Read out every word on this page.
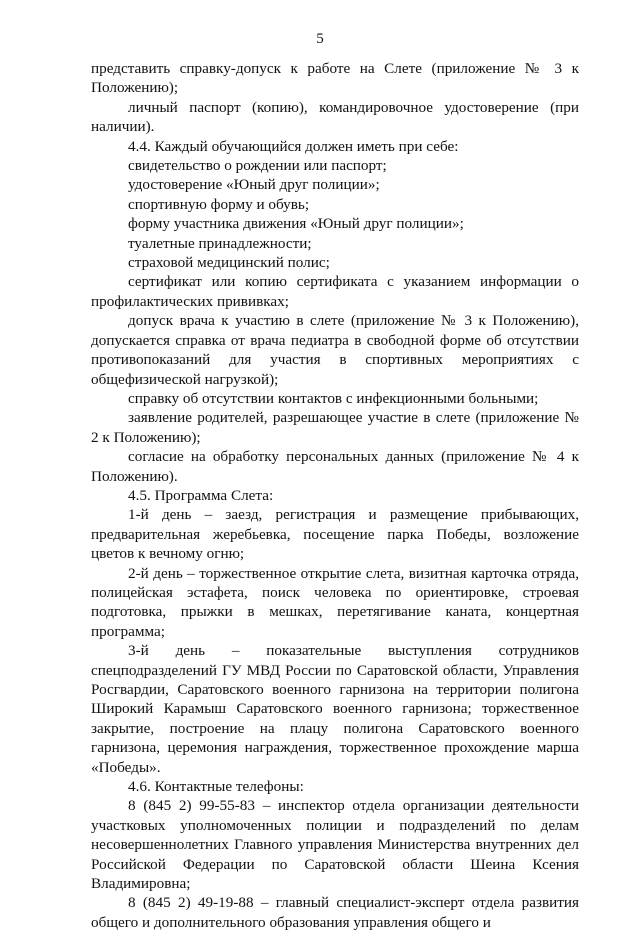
5

представить справку-допуск к работе на Слете (приложение № 3 к Положению);

личный паспорт (копию), командировочное удостоверение (при наличии).

4.4. Каждый обучающийся должен иметь при себе:

свидетельство о рождении или паспорт;

удостоверение «Юный друг полиции»;

спортивную форму и обувь;

форму участника движения «Юный друг полиции»;

туалетные принадлежности;

страховой медицинский полис;

сертификат или копию сертификата с указанием информации о профилактических прививках;

допуск врача к участию в слете (приложение № 3 к Положению), допускается справка от врача педиатра в свободной форме об отсутствии противопоказаний для участия в спортивных мероприятиях с общефизической нагрузкой);

справку об отсутствии контактов с инфекционными больными;

заявление родителей, разрешающее участие в слете (приложение № 2 к Положению);

согласие на обработку персональных данных (приложение № 4 к Положению).

4.5. Программа Слета:

1-й день – заезд, регистрация и размещение прибывающих, предварительная жеребьевка, посещение парка Победы, возложение цветов к вечному огню;

2-й день – торжественное открытие слета, визитная карточка отряда, полицейская эстафета, поиск человека по ориентировке, строевая подготовка, прыжки в мешках, перетягивание каната, концертная программа;

3-й день – показательные выступления сотрудников спецподразделений ГУ МВД России по Саратовской области, Управления Росгвардии, Саратовского военного гарнизона на территории полигона Широкий Карамыш Саратовского военного гарнизона; торжественное закрытие, построение на плацу полигона Саратовского военного гарнизона, церемония награждения, торжественное прохождение марша «Победы».

4.6. Контактные телефоны:

8 (845 2) 99-55-83 – инспектор отдела организации деятельности участковых уполномоченных полиции и подразделений по делам несовершеннолетних Главного управления Министерства внутренних дел Российской Федерации по Саратовской области Шеина Ксения Владимировна;

8 (845 2) 49-19-88 – главный специалист-эксперт отдела развития общего и дополнительного образования управления общего и
